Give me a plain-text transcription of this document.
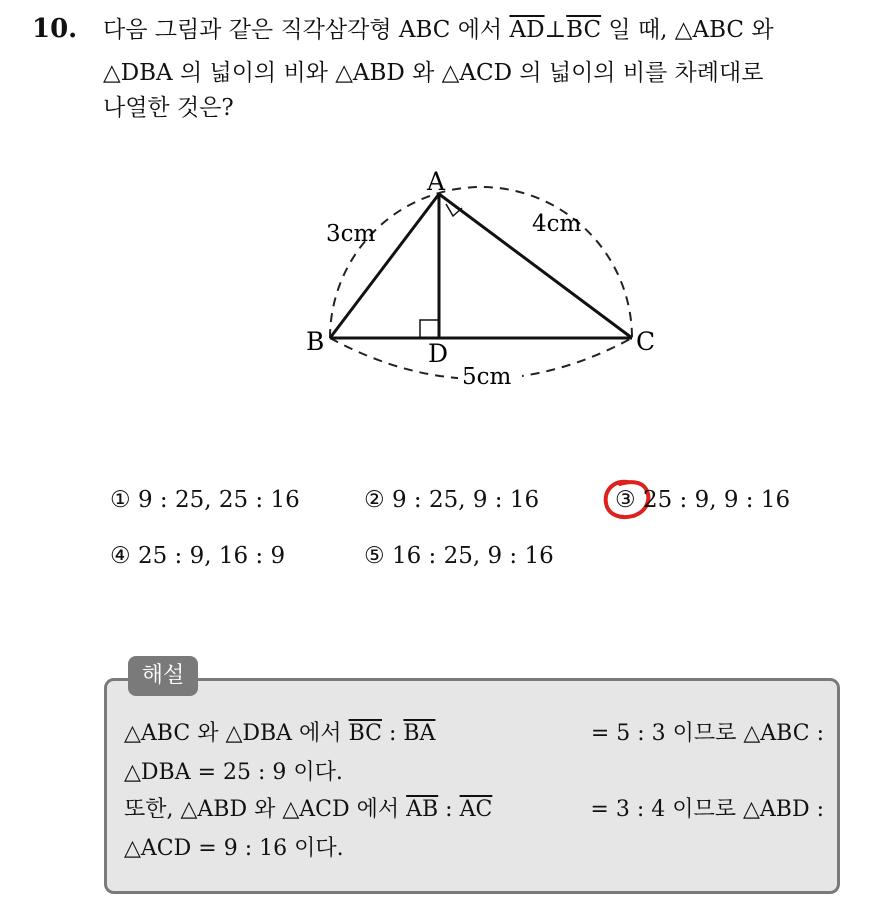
10. 다음 그림과 같은 직각삼각형 ABC 에서 $\overline{AD}\perp\overline{BC}$ 일 때, △ABC 와
△DBA 의 넓이의 비와 △ABD 와 △ACD 의 넓이의 비를 차례대로
나열한 것은?
A
B	C
D
3cm	4cm
5cm
① 9 : 25, 25 : 16	② 9 : 25, 9 : 16	③ 25 : 9, 9 : 16
④ 25 : 9, 16 : 9	⑤ 16 : 25, 9 : 16
해설
△ABC 와 △DBA 에서 $\overline{BC}$ : $\overline{BA}$	= 5 : 3 이므로 △ABC :
△DBA = 25 : 9 이다.
또한, △ABD 와 △ACD 에서 $\overline{AB}$ : $\overline{AC}$	= 3 : 4 이므로 △ABD :
△ACD = 9 : 16 이다.
